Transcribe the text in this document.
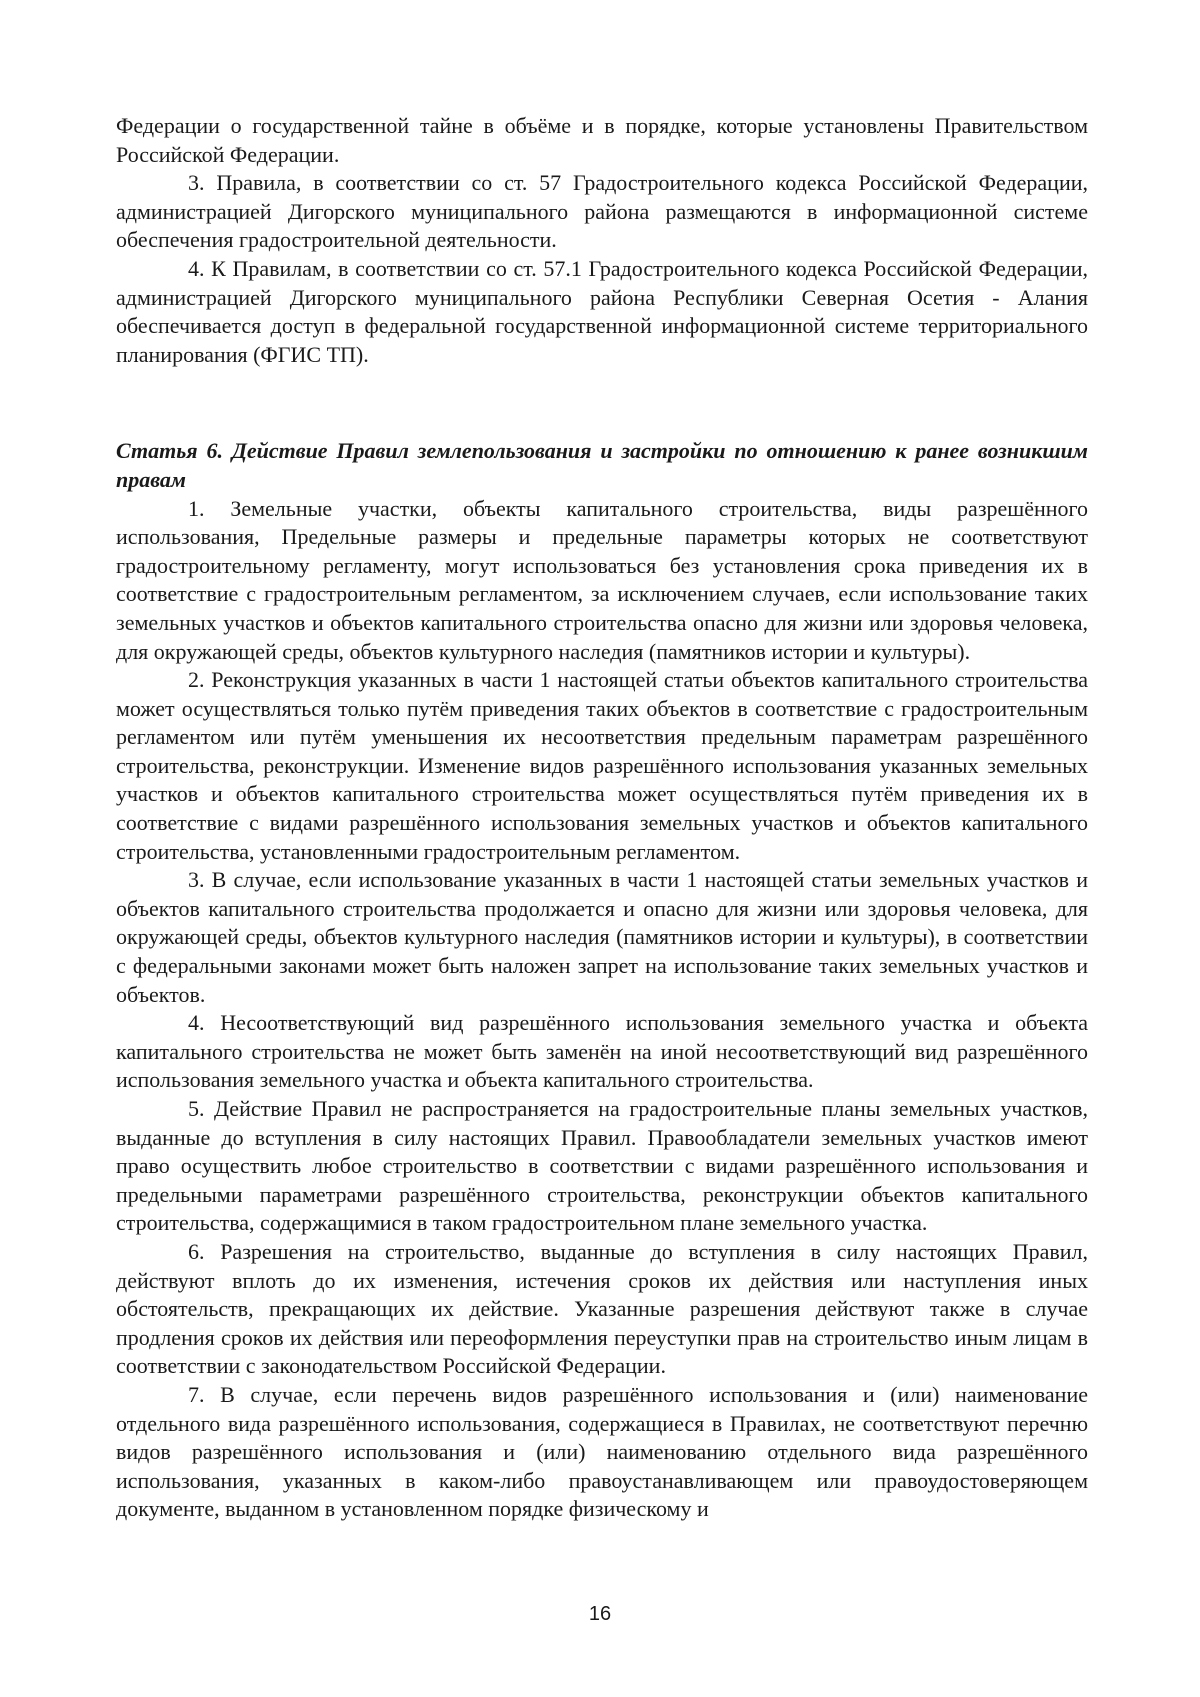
Федерации о государственной тайне в объёме и в порядке, которые установлены Правительством Российской Федерации.

3. Правила, в соответствии со ст. 57 Градостроительного кодекса Российской Федерации, администрацией Дигорского муниципального района размещаются в информационной системе обеспечения градостроительной деятельности.

4. К Правилам, в соответствии со ст. 57.1 Градостроительного кодекса Российской Федерации, администрацией Дигорского муниципального района Республики Северная Осетия - Алания обеспечивается доступ в федеральной государственной информационной системе территориального планирования (ФГИС ТП).

Статья 6. Действие Правил землепользования и застройки по отношению к ранее возникшим правам

1. Земельные участки, объекты капитального строительства, виды разрешённого использования, Предельные размеры и предельные параметры которых не соответствуют градостроительному регламенту, могут использоваться без установления срока приведения их в соответствие с градостроительным регламентом, за исключением случаев, если использование таких земельных участков и объектов капитального строительства опасно для жизни или здоровья человека, для окружающей среды, объектов культурного наследия (памятников истории и культуры).

2. Реконструкция указанных в части 1 настоящей статьи объектов капитального строительства может осуществляться только путём приведения таких объектов в соответствие с градостроительным регламентом или путём уменьшения их несоответствия предельным параметрам разрешённого строительства, реконструкции. Изменение видов разрешённого использования указанных земельных участков и объектов капитального строительства может осуществляться путём приведения их в соответствие с видами разрешённого использования земельных участков и объектов капитального строительства, установленными градостроительным регламентом.

3. В случае, если использование указанных в части 1 настоящей статьи земельных участков и объектов капитального строительства продолжается и опасно для жизни или здоровья человека, для окружающей среды, объектов культурного наследия (памятников истории и культуры), в соответствии с федеральными законами может быть наложен запрет на использование таких земельных участков и объектов.

4. Несоответствующий вид разрешённого использования земельного участка и объекта капитального строительства не может быть заменён на иной несоответствующий вид разрешённого использования земельного участка и объекта капитального строительства.

5. Действие Правил не распространяется на градостроительные планы земельных участков, выданные до вступления в силу настоящих Правил. Правообладатели земельных участков имеют право осуществить любое строительство в соответствии с видами разрешённого использования и предельными параметрами разрешённого строительства, реконструкции объектов капитального строительства, содержащимися в таком градостроительном плане земельного участка.

6. Разрешения на строительство, выданные до вступления в силу настоящих Правил, действуют вплоть до их изменения, истечения сроков их действия или наступления иных обстоятельств, прекращающих их действие. Указанные разрешения действуют также в случае продления сроков их действия или переоформления переуступки прав на строительство иным лицам в соответствии с законодательством Российской Федерации.

7. В случае, если перечень видов разрешённого использования и (или) наименование отдельного вида разрешённого использования, содержащиеся в Правилах, не соответствуют перечню видов разрешённого использования и (или) наименованию отдельного вида разрешённого использования, указанных в каком-либо правоустанавливающем или правоудостоверяющем документе, выданном в установленном порядке физическому и

16
